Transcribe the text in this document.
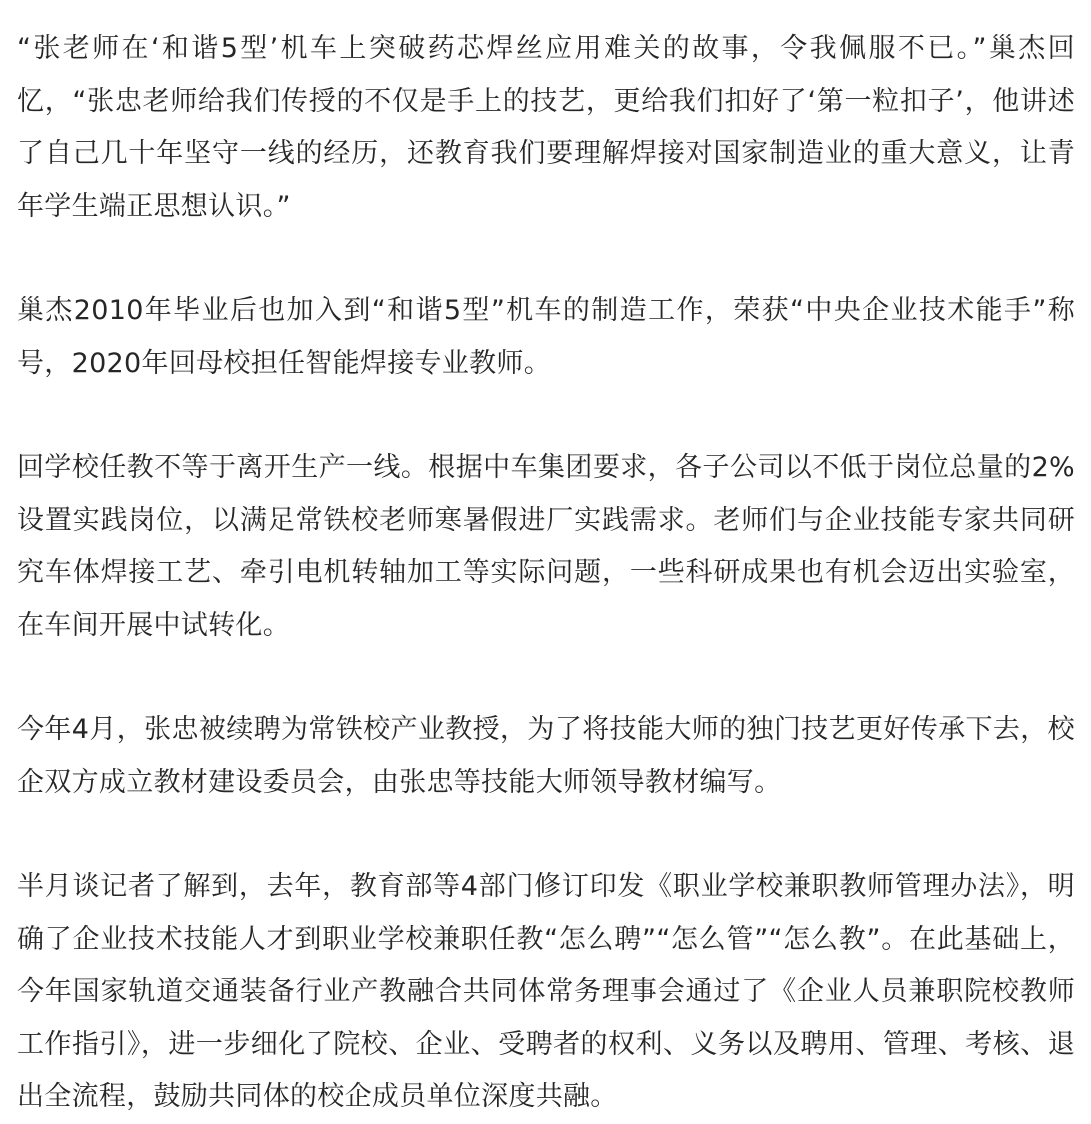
“张老师在‘和谐5型’机车上突破药芯焊丝应用难关的故事，令我佩服不已。”巢杰回忆，“张忠老师给我们传授的不仅是手上的技艺，更给我们扣好了‘第一粒扣子’，他讲述了自己几十年坚守一线的经历，还教育我们要理解焊接对国家制造业的重大意义，让青年学生端正思想认识。”

巢杰2010年毕业后也加入到“和谐5型”机车的制造工作，荣获“中央企业技术能手”称号，2020年回母校担任智能焊接专业教师。

回学校任教不等于离开生产一线。根据中车集团要求，各子公司以不低于岗位总量的2%设置实践岗位，以满足常铁校老师寒暑假进厂实践需求。老师们与企业技能专家共同研究车体焊接工艺、牵引电机转轴加工等实际问题，一些科研成果也有机会迈出实验室，在车间开展中试转化。

今年4月，张忠被续聘为常铁校产业教授，为了将技能大师的独门技艺更好传承下去，校企双方成立教材建设委员会，由张忠等技能大师领导教材编写。

半月谈记者了解到，去年，教育部等4部门修订印发《职业学校兼职教师管理办法》，明确了企业技术技能人才到职业学校兼职任教“怎么聘”“怎么管”“怎么教”。在此基础上，今年国家轨道交通装备行业产教融合共同体常务理事会通过了《企业人员兼职院校教师工作指引》，进一步细化了院校、企业、受聘者的权利、义务以及聘用、管理、考核、退出全流程，鼓励共同体的校企成员单位深度共融。
